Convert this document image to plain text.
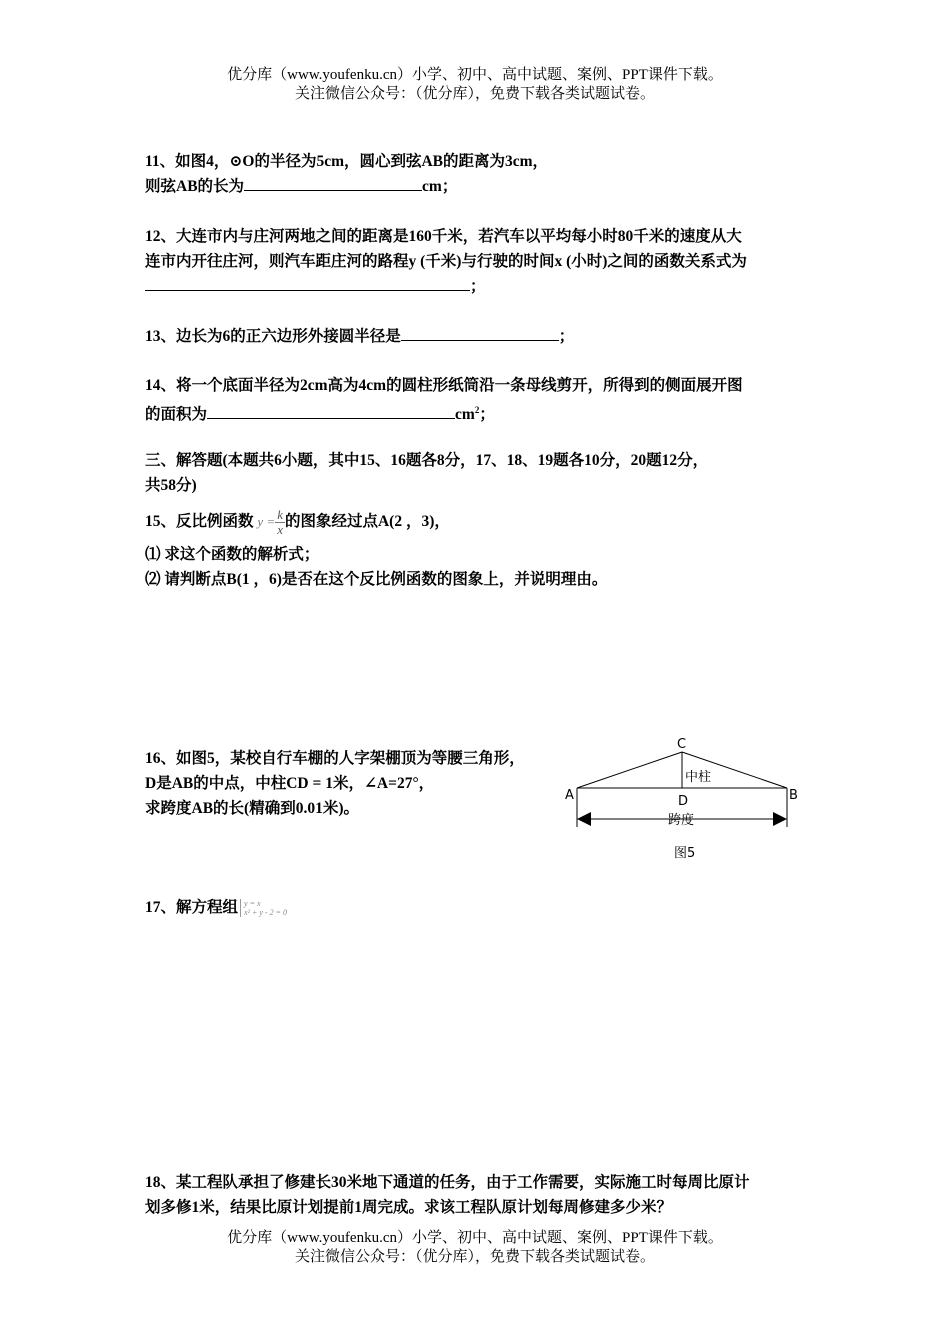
优分库（www.youfenku.cn）小学、初中、高中试题、案例、PPT课件下载。
关注微信公众号：（优分库），免费下载各类试题试卷。

11、如图4，⊙O的半径为5cm，圆心到弦AB的距离为3cm，

则弦AB的长为	cm；

12、大连市内与庄河两地之间的距离是160千米，若汽车以平均每小时80千米的速度从大

连市内开往庄河，则汽车距庄河的路程y (千米)与行驶的时间x (小时)之间的函数关系式为

；

13、边长为6的正六边形外接圆半径是	；

14、将一个底面半径为2cm高为4cm的圆柱形纸筒沿一条母线剪开，所得到的侧面展开图

的面积为	$cm^2$；

三、解答题(本题共6小题，其中15、16题各8分，17、18、19题各10分，20题12分，

共58分)

15、反比例函数 $y = \frac{k}{x}$ 的图象经过点A(2 ，3)，

⑴ 求这个函数的解析式；

⑵ 请判断点B(1 ，6)是否在这个反比例函数的图象上，并说明理由。

16、如图5，某校自行车棚的人字架棚顶为等腰三角形，

D是AB的中点，中柱CD = 1米，∠A=27°，

求跨度AB的长(精确到0.01米)。

C
A	B
D
中柱
跨度
图5

17、解方程组 y = x
x² + y - 2 = 0

18、某工程队承担了修建长30米地下通道的任务，由于工作需要，实际施工时每周比原计

划多修1米，结果比原计划提前1周完成。求该工程队原计划每周修建多少米？

优分库（www.youfenku.cn）小学、初中、高中试题、案例、PPT课件下载。
关注微信公众号：（优分库），免费下载各类试题试卷。
